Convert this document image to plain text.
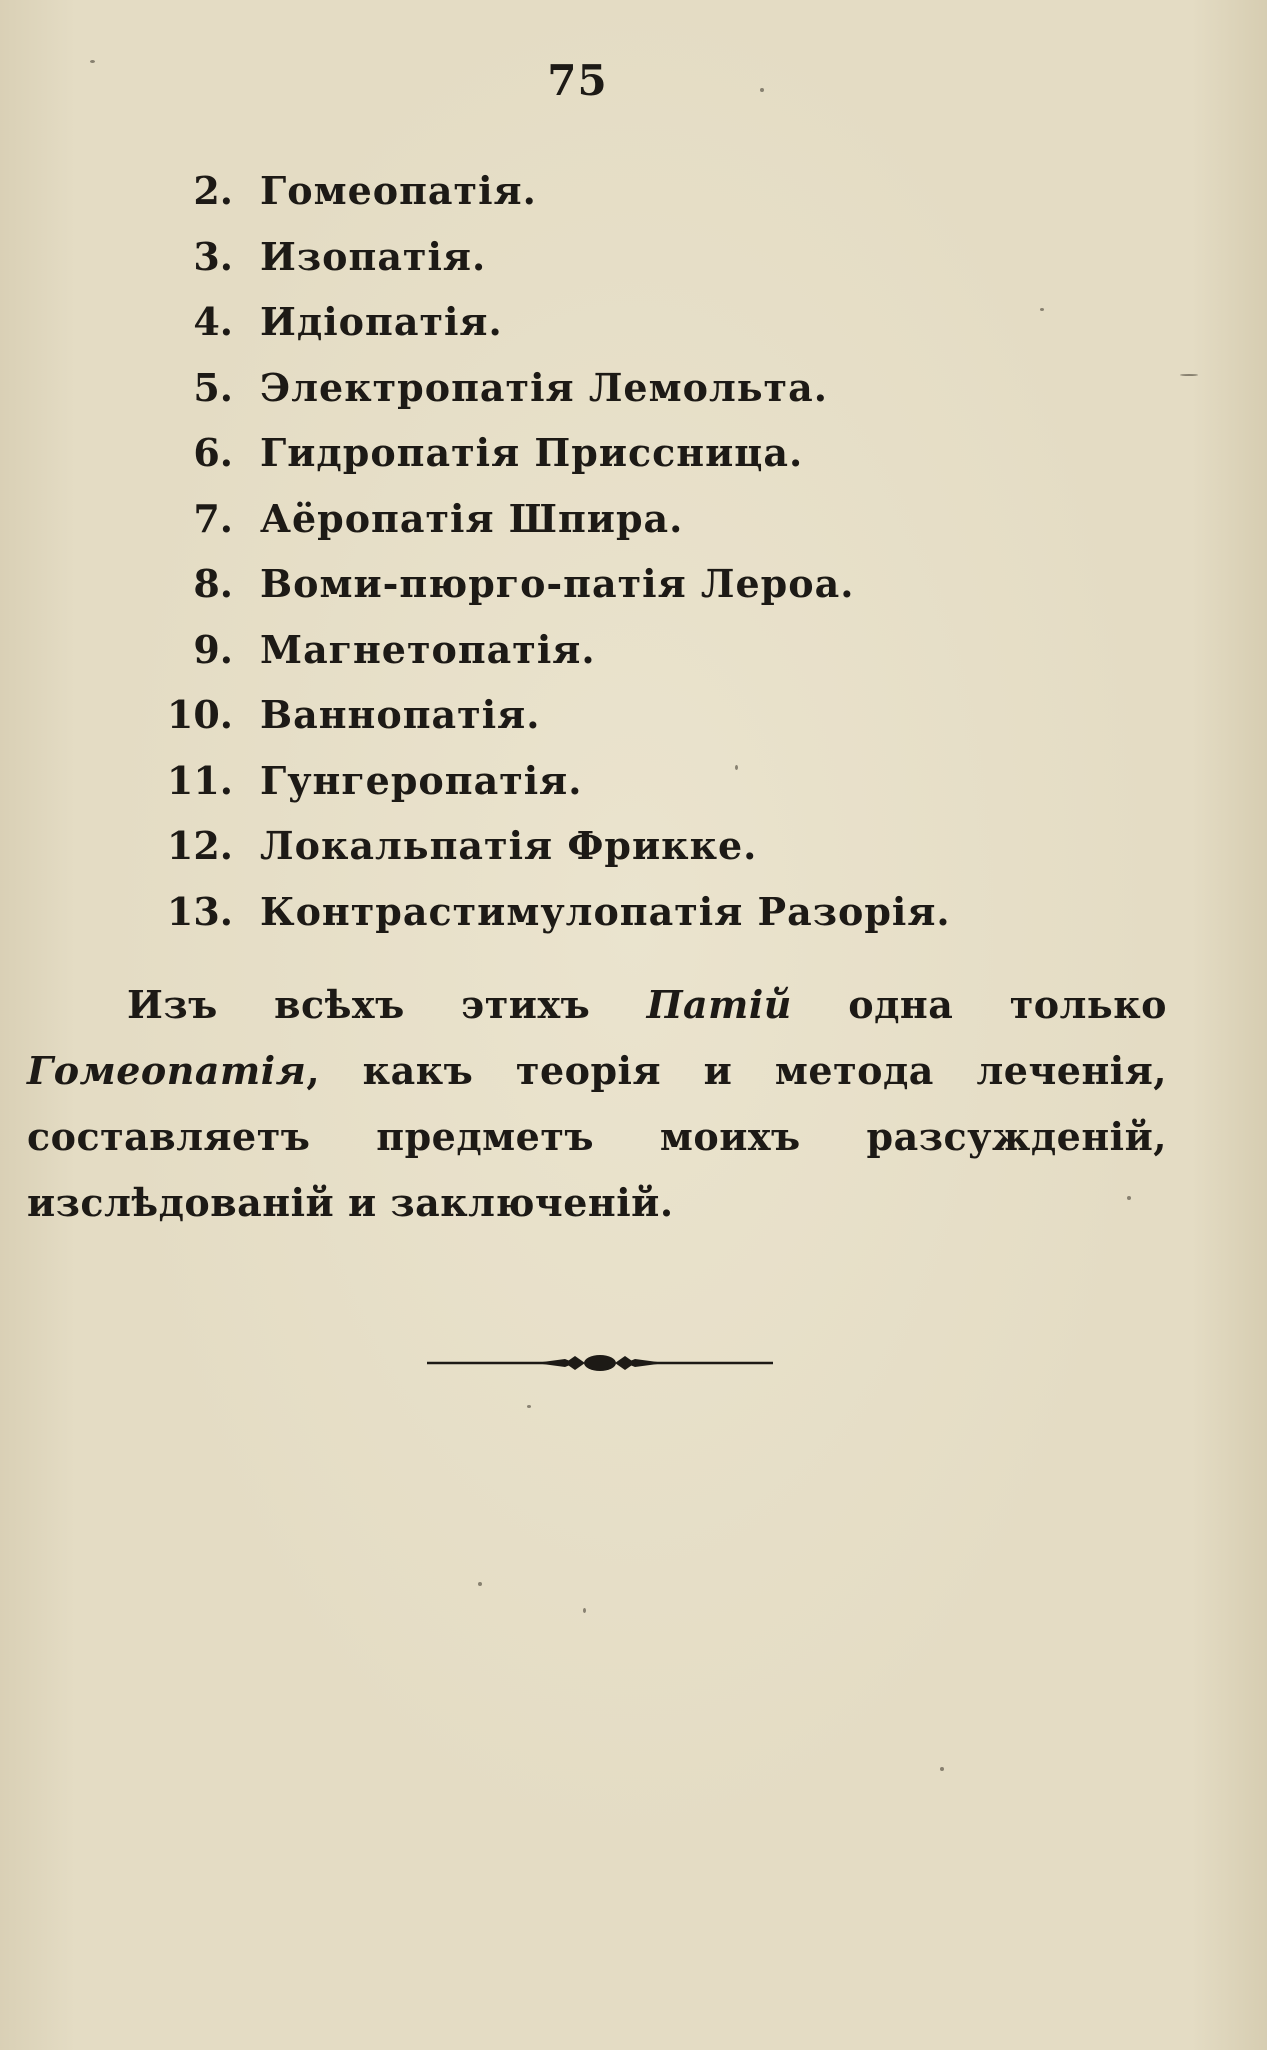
75
2. Гомеопатія.
3. Изопатія.
4. Идіопатія.
5. Электропатія Лемольта.
6. Гидропатія Приссница.
7. Аёропатія Шпира.
8. Воми-пюрго-патія Лероа.
9. Магнетопатія.
10. Ваннопатія.
11. Гунгеропатія.
12. Локальпатія Фрикке.
13. Контрастимулопатія Разорія.

Изъ всѣхъ этихъ Патій одна только Гомеопатія, какъ теорія и метода леченія, составляетъ предметъ моихъ разсужденій, изслѣдованій и заключеній.
